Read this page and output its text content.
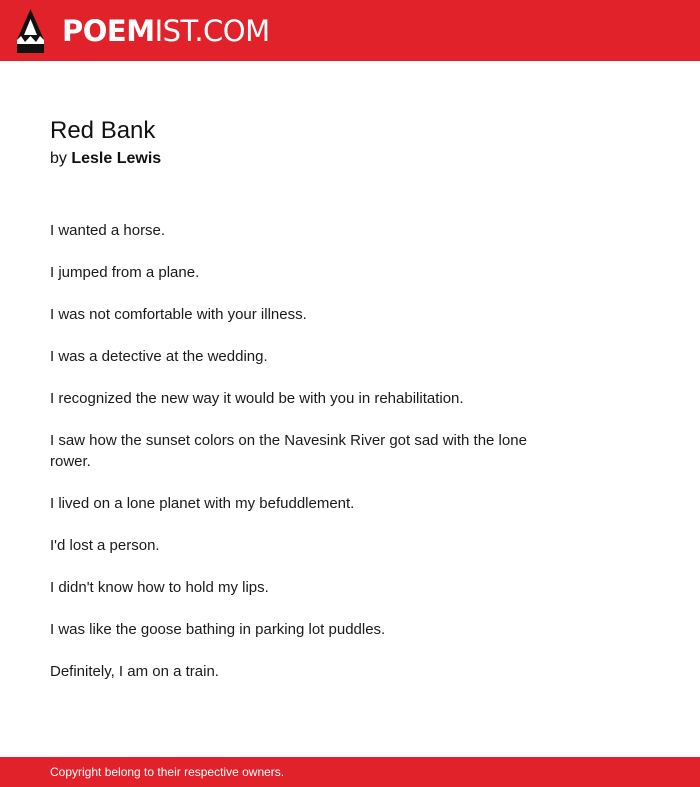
POEMIST.COM
Red Bank
by Lesle Lewis

I wanted a horse.

I jumped from a plane.

I was not comfortable with your illness.

I was a detective at the wedding.

I recognized the new way it would be with you in rehabilitation.

I saw how the sunset colors on the Navesink River got sad with the lone rower.

I lived on a lone planet with my befuddlement.

I'd lost a person.

I didn't know how to hold my lips.

I was like the goose bathing in parking lot puddles.

Definitely, I am on a train.

Copyright belong to their respective owners.
